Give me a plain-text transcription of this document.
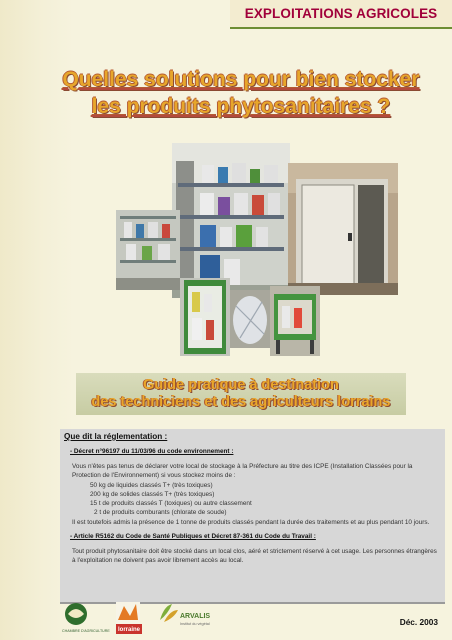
EXPLOITATIONS AGRICOLES
Quelles solutions pour bien stocker
les produits phytosanitaires ?
Guide pratique à destination
des techniciens et des agriculteurs lorrains
Que dit la réglementation :
- Décret n°96197 du 11/03/96 du code environnement :
Vous n'êtes pas tenus de déclarer votre local de stockage à la Préfecture au titre des ICPE (Installation Classées pour la Protection de l'Environnement) si vous stockez moins de :
50 kg de liquides classés T+ (très toxiques)
200 kg de solides classés T+ (très toxiques)
15 t de produits classés T (toxiques) ou autre classement
2 t de produits comburants (chlorate de soude)
Il est toutefois admis la présence de 1 tonne de produits classés pendant la durée des traitements et au plus pendant 10 jours.
- Article R5162 du Code de Santé Publiques et Décret 87-361 du Code du Travail :
Tout produit phytosanitaire doit être stocké dans un local clos, aéré et strictement réservé à cet usage. Les personnes étrangères à l'exploitation ne doivent pas avoir librement accès au local.
CHAMBRE D'AGRICULTURE lorraine
ARVALIS
Institut du végétal	Déc. 2003
